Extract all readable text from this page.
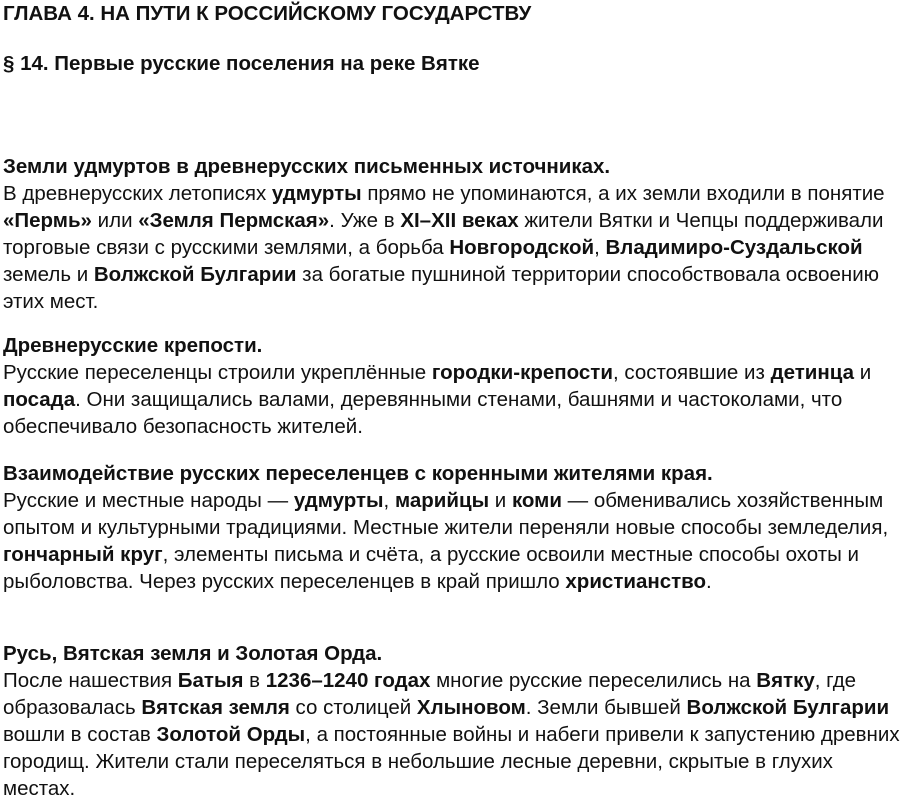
ГЛАВА 4. НА ПУТИ К РОССИЙСКОМУ ГОСУДАРСТВУ
§ 14. Первые русские поселения на реке Вятке
Земли удмуртов в древнерусских письменных источниках.

В древнерусских летописях удмурты прямо не упоминаются, а их земли входили в понятие «Пермь» или «Земля Пермская». Уже в XI–XII веках жители Вятки и Чепцы поддерживали торговые связи с русскими землями, а борьба Новгородской, Владимиро-Суздальской земель и Волжской Булгарии за богатые пушниной территории способствовала освоению этих мест.

Древнерусские крепости.

Русские переселенцы строили укреплённые городки-крепости, состоявшие из детинца и посада. Они защищались валами, деревянными стенами, башнями и частоколами, что обеспечивало безопасность жителей.

Взаимодействие русских переселенцев с коренными жителями края.

Русские и местные народы — удмурты, марийцы и коми — обменивались хозяйственным опытом и культурными традициями. Местные жители переняли новые способы земледелия, гончарный круг, элементы письма и счёта, а русские освоили местные способы охоты и рыболовства. Через русских переселенцев в край пришло христианство.

Русь, Вятская земля и Золотая Орда.

После нашествия Батыя в 1236–1240 годах многие русские переселились на Вятку, где образовалась Вятская земля со столицей Хлыновом. Земли бывшей Волжской Булгарии вошли в состав Золотой Орды, а постоянные войны и набеги привели к запустению древних городищ. Жители стали переселяться в небольшие лесные деревни, скрытые в глухих местах.
